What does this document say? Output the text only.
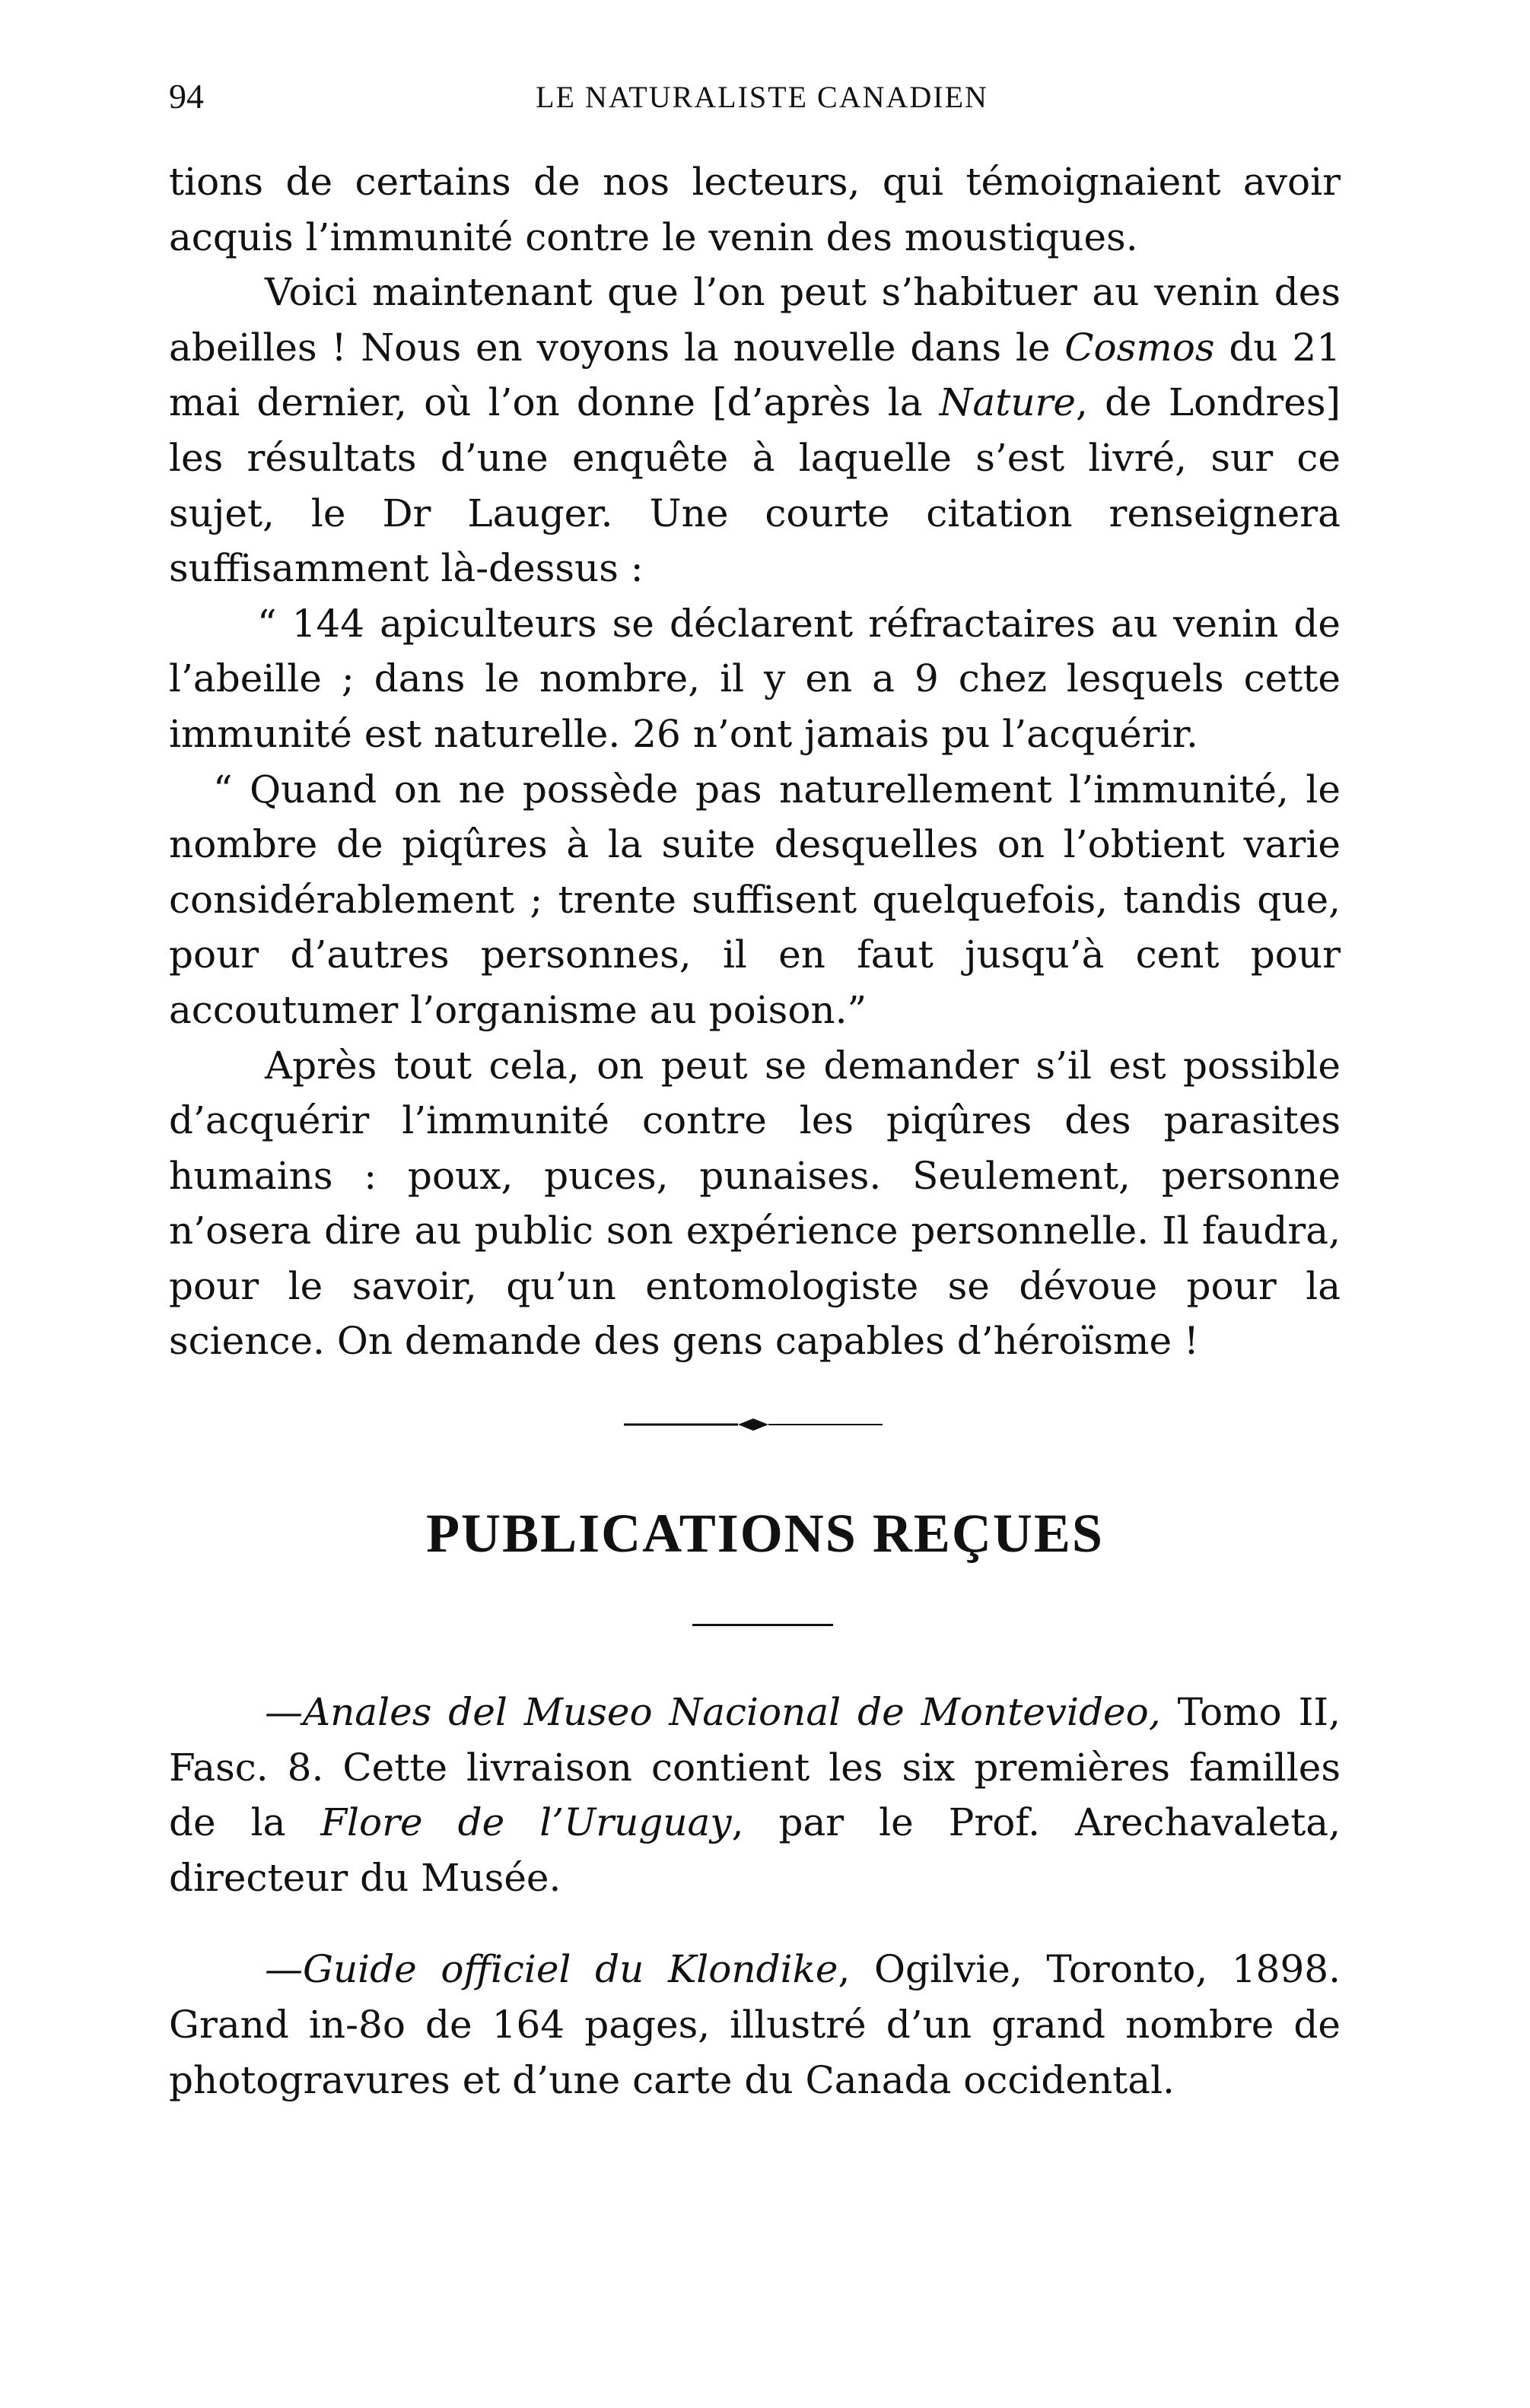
94	LE NATURALISTE CANADIEN

tions de certains de nos lecteurs, qui témoignaient avoir acquis l’immunité contre le venin des moustiques.

Voici maintenant que l’on peut s’habituer au venin des abeilles ! Nous en voyons la nouvelle dans le Cosmos du 21 mai dernier, où l’on donne [d’après la Nature, de Londres] les résultats d’une enquête à laquelle s’est livré, sur ce sujet, le Dr Lauger. Une courte citation renseignera suffisamment là-dessus :

“ 144 apiculteurs se déclarent réfractaires au venin de l’abeille ; dans le nombre, il y en a 9 chez lesquels cette immunité est naturelle. 26 n’ont jamais pu l’acquérir.

“ Quand on ne possède pas naturellement l’immunité, le nombre de piqûres à la suite desquelles on l’obtient varie considérablement ; trente suffisent quelquefois, tandis que, pour d’autres personnes, il en faut jusqu’à cent pour accoutumer l’organisme au poison.”

Après tout cela, on peut se demander s’il est possible d’acquérir l’immunité contre les piqûres des parasites humains : poux, puces, punaises. Seulement, personne n’osera dire au public son expérience personnelle. Il faudra, pour le savoir, qu’un entomologiste se dévoue pour la science. On demande des gens capables d’héroïsme !

PUBLICATIONS REÇUES

—Anales del Museo Nacional de Montevideo, Tomo II, Fasc. 8. Cette livraison contient les six premières familles de la Flore de l’Uruguay, par le Prof. Arechavaleta, directeur du Musée.

—Guide officiel du Klondike, Ogilvie, Toronto, 1898. Grand in-8o de 164 pages, illustré d’un grand nombre de photogravures et d’une carte du Canada occidental.
